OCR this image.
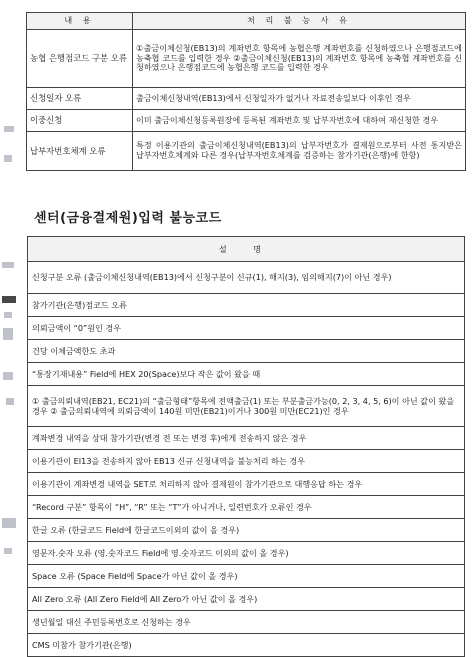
내 용	처 리 불 능 사 유
농협 은행점코드 구분 오류	①출금이체신청(EB13)의 계좌번호 항목에 농협은행 계좌번호를 신청하였으나 은행점코드에 농축협 코드를 입력한 경우 ②출금이체신청(EB13)의 계좌번호 항목에 농축협 계좌번호를 신청하였으나 은행점코드에 농협은행 코드를 입력한 경우
신청일자 오류	출금이체신청내역(EB13)에서 신청일자가 없거나 자료전송일보다 이후인 경우
이중신청	이미 출금이체신청등록원장에 등록된 계좌번호 및 납부자번호에 대하여 재신청한 경우
납부자번호체계 오류	특정 이용기관의 출금이체신청내역(EB13)의 납부자번호가 결제원으로부터 사전 통지받은 납부자번호체계와 다른 경우(납부자번호체계를 검증하는 참가기관(은행)에 한함)
센터(금융결제원)입력 불능코드
설 명
신청구분 오류 (출금이체신청내역(EB13)에서 신청구분이 신규(1), 해지(3), 임의해지(7)이 아닌 경우)
참가기관(은행)점코드 오류
의뢰금액이 “0”원인 경우
건당 이체금액한도 초과
“통장기재내용” Field에 HEX 20(Space)보다 작은 값이 왔을 때
① 출금의뢰내역(EB21, EC21)의 “출금형태”항목에 전액출금(1) 또는 부분출금가능(0, 2, 3, 4, 5, 6)이 아닌 값이 왔을 경우 ② 출금의뢰내역에 의뢰금액이 140원 미만(EB21)이거나 300원 미만(EC21)인 경우
계좌변경 내역을 상대 참가기관(변경 전 또는 변경 후)에게 전송하지 않은 경우
이용기관이 EI13을 전송하지 않아 EB13 신규 신청내역을 불능처리 하는 경우
이용기관이 계좌변경 내역을 SET로 처리하지 않아 결제원이 참가기관으로 대행응답 하는 경우
“Record 구분” 항목이 “H”, “R” 또는 “T”가 아니거나, 일련번호가 오류인 경우
한글 오류 (한글코드 Field에 한글코드이외의 값이 올 경우)
영문자.숫자 오류 (영.숫자코드 Field에 영.숫자코드 이외의 값이 올 경우)
Space 오류 (Space Field에 Space가 아닌 값이 올 경우)
All Zero 오류 (All Zero Field에 All Zero가 아닌 값이 올 경우)
생년월일 대신 주민등록번호로 신청하는 경우
CMS 미참가 참가기관(은행)
